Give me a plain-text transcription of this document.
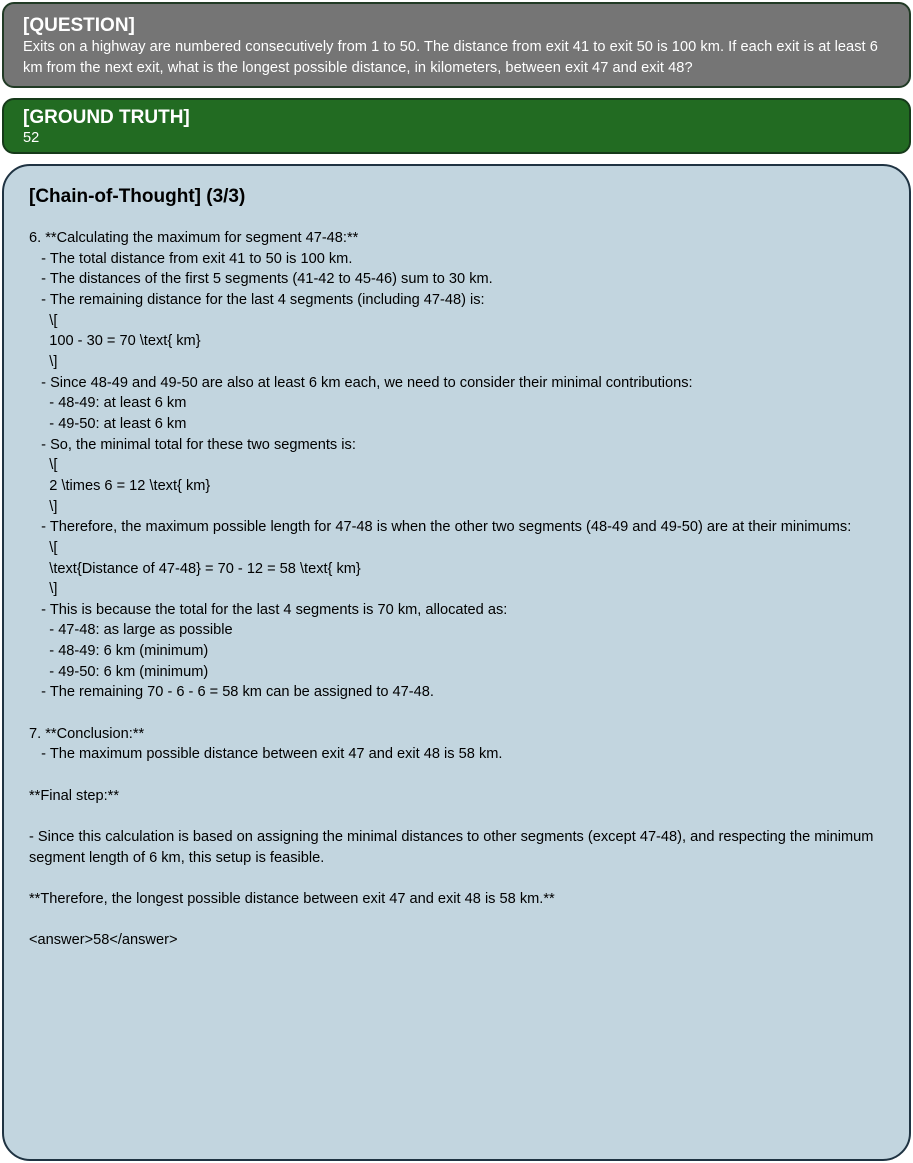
[QUESTION]
Exits on a highway are numbered consecutively from 1 to 50. The distance from exit 41 to exit 50 is 100 km. If each exit is at least 6 km from the next exit, what is the longest possible distance, in kilometers, between exit 47 and exit 48?
[GROUND TRUTH]
52
[Chain-of-Thought] (3/3)
6. **Calculating the maximum for segment 47-48:**
- The total distance from exit 41 to 50 is 100 km.
- The distances of the first 5 segments (41-42 to 45-46) sum to 30 km.
- The remaining distance for the last 4 segments (including 47-48) is:
\[
100 - 30 = 70 \text{ km}
\]
- Since 48-49 and 49-50 are also at least 6 km each, we need to consider their minimal contributions:
- 48-49: at least 6 km
- 49-50: at least 6 km
- So, the minimal total for these two segments is:
\[
2 \times 6 = 12 \text{ km}
\]
- Therefore, the maximum possible length for 47-48 is when the other two segments (48-49 and 49-50) are at their minimums:
\[
\text{Distance of 47-48} = 70 - 12 = 58 \text{ km}
\]
- This is because the total for the last 4 segments is 70 km, allocated as:
- 47-48: as large as possible
- 48-49: 6 km (minimum)
- 49-50: 6 km (minimum)
- The remaining 70 - 6 - 6 = 58 km can be assigned to 47-48.
7. **Conclusion:**
- The maximum possible distance between exit 47 and exit 48 is 58 km.
**Final step:**
- Since this calculation is based on assigning the minimal distances to other segments (except 47-48), and respecting the minimum segment length of 6 km, this setup is feasible.
**Therefore, the longest possible distance between exit 47 and exit 48 is 58 km.**
<answer>58</answer>
